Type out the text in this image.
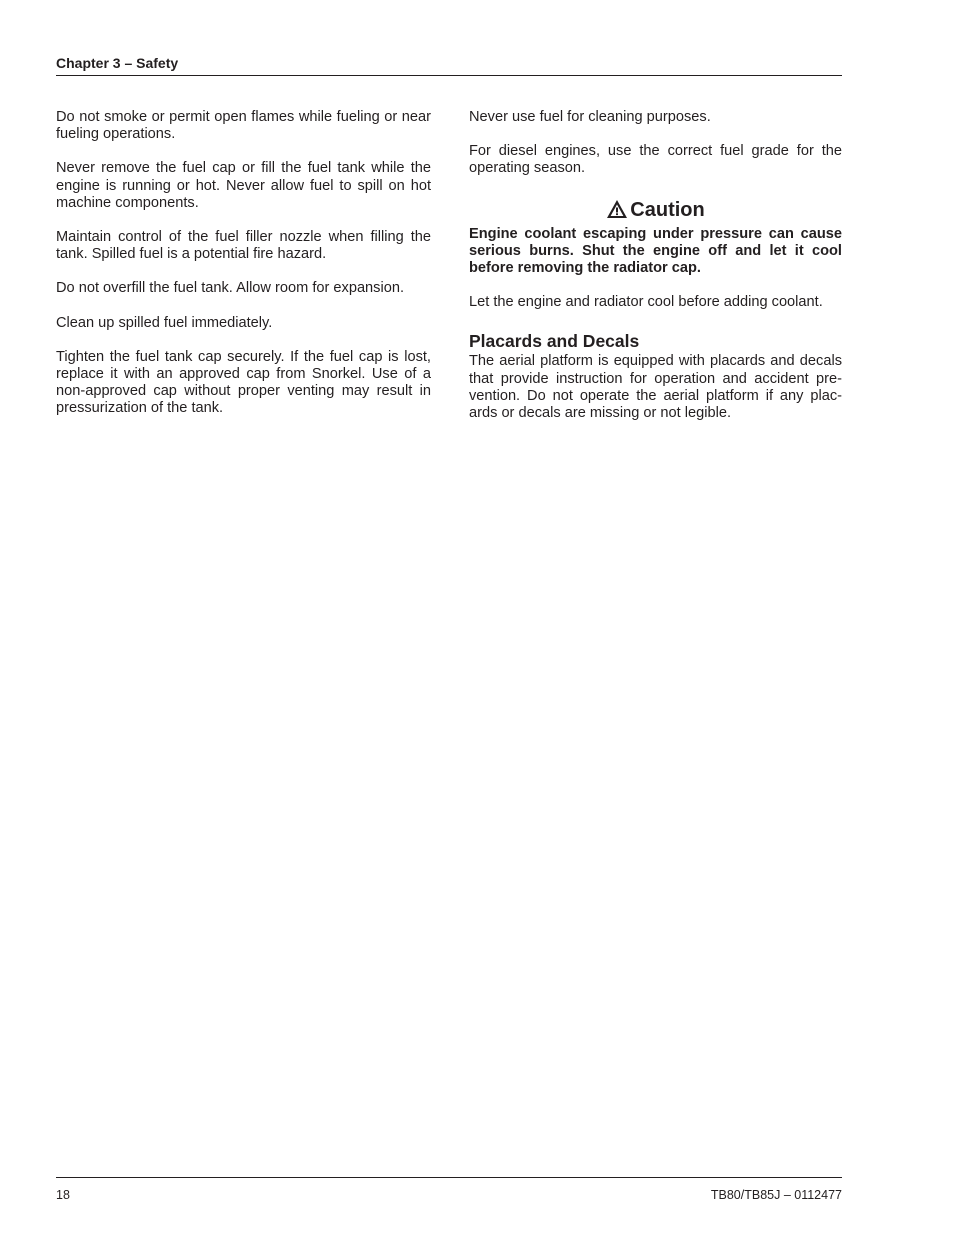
Chapter 3 – Safety

Do not smoke or permit open flames while fueling or near fueling operations.

Never remove the fuel cap or fill the fuel tank while the engine is running or hot. Never allow fuel to spill on hot machine components.

Maintain control of the fuel filler nozzle when filling the tank. Spilled fuel is a potential fire hazard.

Do not overfill the fuel tank. Allow room for expansion.

Clean up spilled fuel immediately.

Tighten the fuel tank cap securely. If the fuel cap is lost, replace it with an approved cap from Snorkel. Use of a non-approved cap without proper venting may result in pressurization of the tank.

Never use fuel for cleaning purposes.

For diesel engines, use the correct fuel grade for the operating season.

Caution

Engine coolant escaping under pressure can cause serious burns. Shut the engine off and let it cool before removing the radiator cap.

Let the engine and radiator cool before adding coolant.

Placards and Decals

The aerial platform is equipped with placards and decals that provide instruction for operation and accident pre-vention. Do not operate the aerial platform if any plac-ards or decals are missing or not legible.

18	TB80/TB85J – 0112477
